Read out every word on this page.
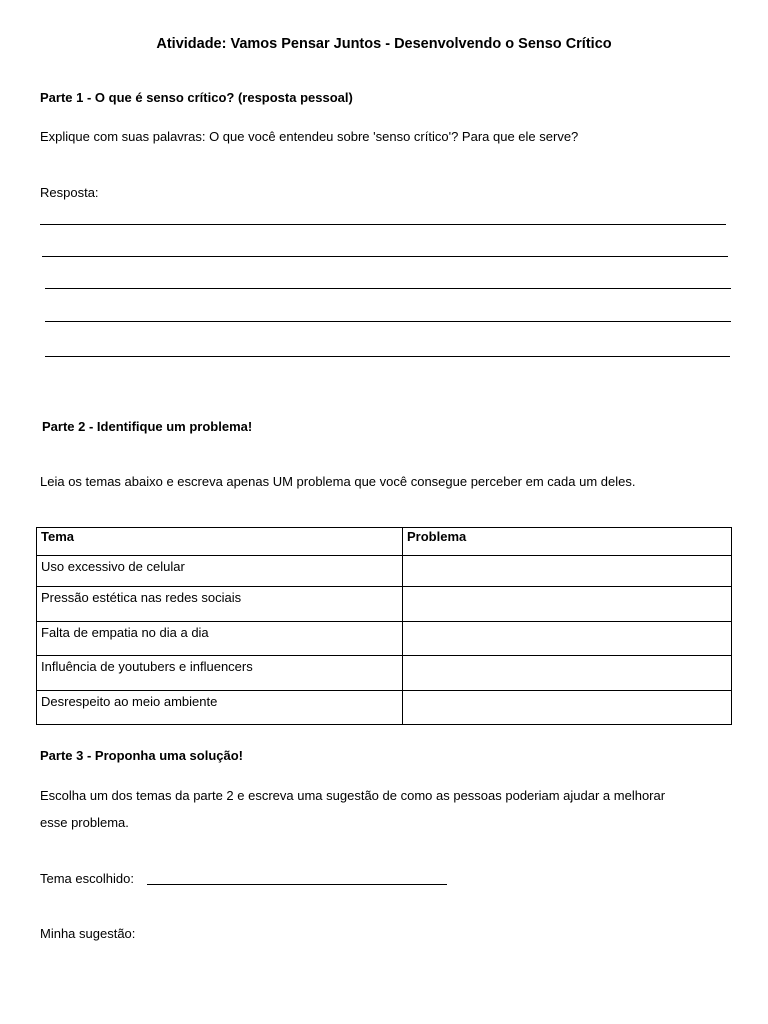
Atividade: Vamos Pensar Juntos - Desenvolvendo o Senso Crítico
Parte 1 - O que é senso crítico? (resposta pessoal)
Explique com suas palavras: O que você entendeu sobre 'senso crítico'? Para que ele serve?
Resposta:
Parte 2 - Identifique um problema!
Leia os temas abaixo e escreva apenas UM problema que você consegue perceber em cada um deles.
Tema	Problema
Uso excessivo de celular	
Pressão estética nas redes sociais	
Falta de empatia no dia a dia	
Influência de youtubers e influencers	
Desrespeito ao meio ambiente	
Parte 3 - Proponha uma solução!
Escolha um dos temas da parte 2 e escreva uma sugestão de como as pessoas poderiam ajudar a melhorar
esse problema.
Tema escolhido:
Minha sugestão:
